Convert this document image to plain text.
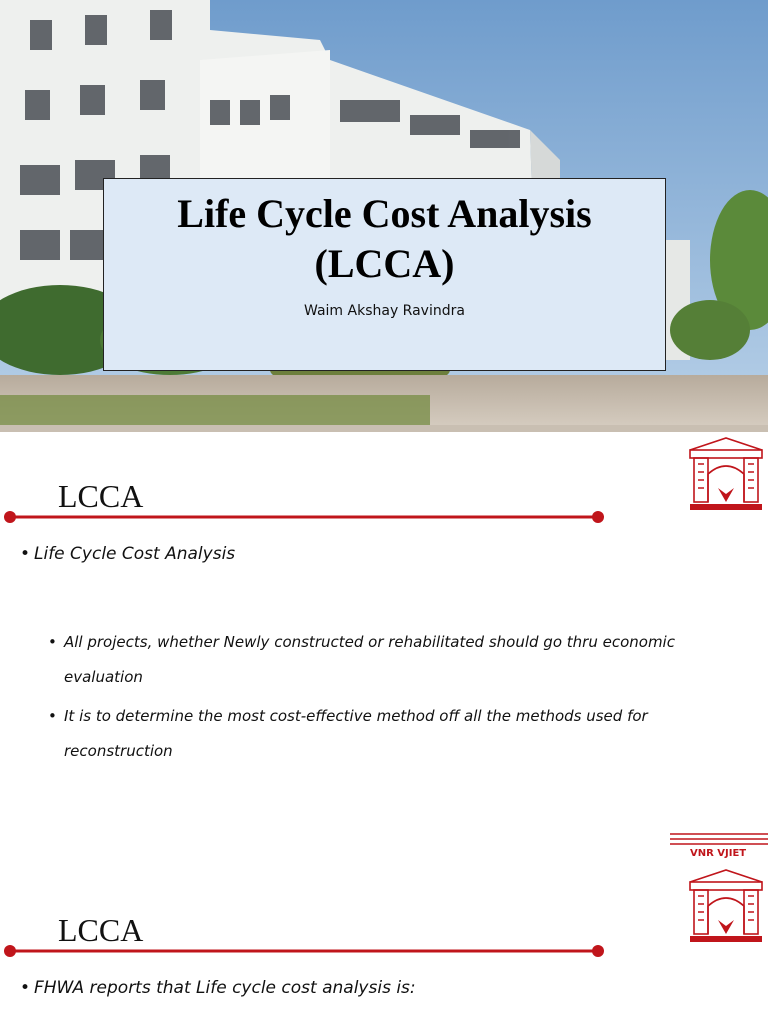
Life Cycle Cost Analysis
(LCCA)
Waim Akshay Ravindra
LCCA
• Life Cycle Cost Analysis
• All projects, whether Newly constructed or rehabilitated should go thru economic evaluation
• It is to determine the most cost-effective method off all the methods used for reconstruction
VNR VJIET
LCCA
• FHWA reports that Life cycle cost analysis is:
